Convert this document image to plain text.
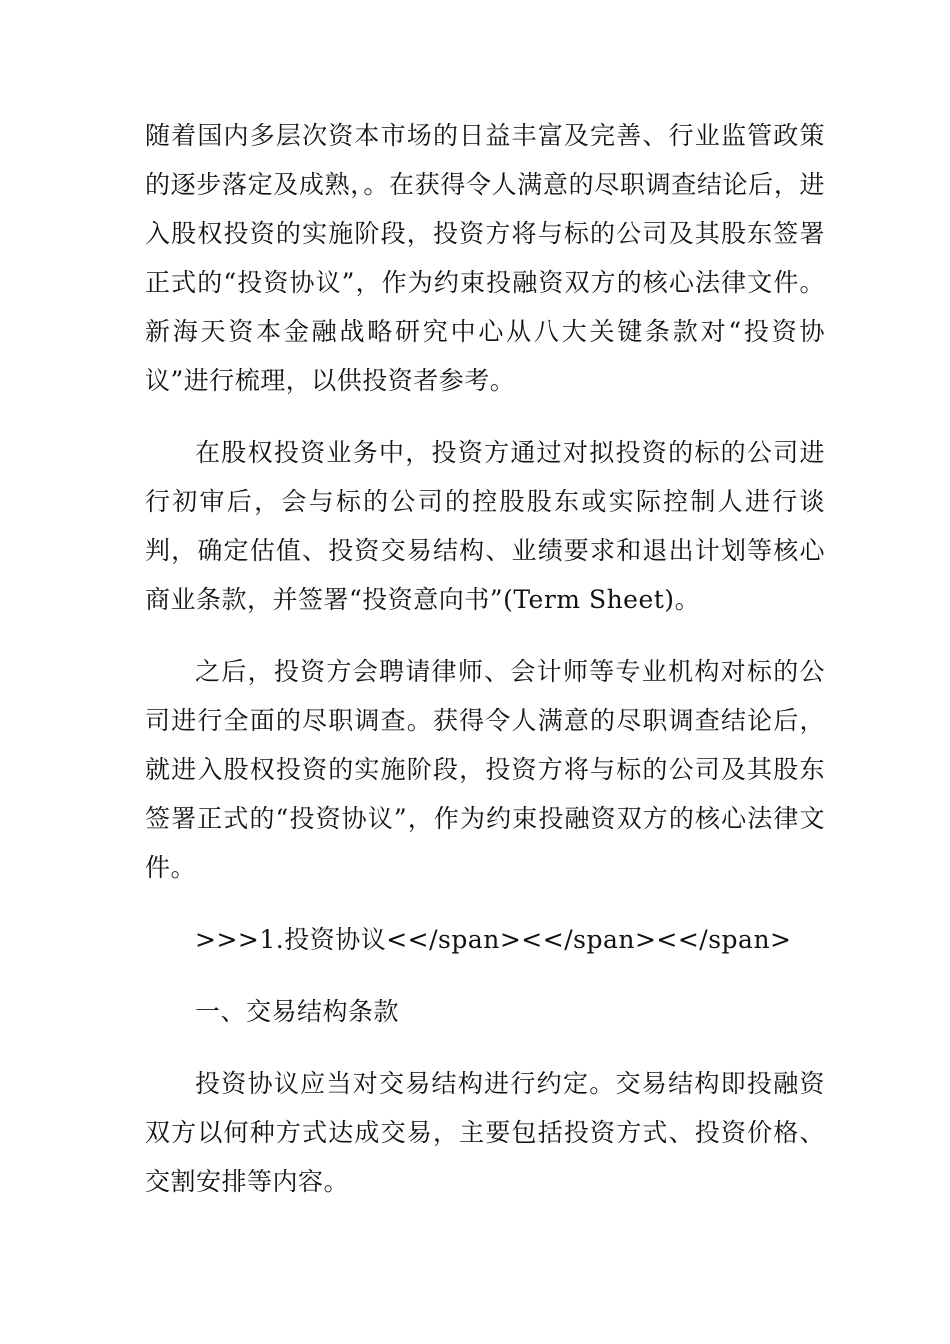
随着国内多层次资本市场的日益丰富及完善、行业监管政策的逐步落定及成熟，。在获得令人满意的尽职调查结论后，进入股权投资的实施阶段，投资方将与标的公司及其股东签署正式的“投资协议”，作为约束投融资双方的核心法律文件。新海天资本金融战略研究中心从八大关键条款对“投资协议”进行梳理，以供投资者参考。

在股权投资业务中，投资方通过对拟投资的标的公司进行初审后，会与标的公司的控股股东或实际控制人进行谈判，确定估值、投资交易结构、业绩要求和退出计划等核心商业条款，并签署“投资意向书”(Term Sheet)。

之后，投资方会聘请律师、会计师等专业机构对标的公司进行全面的尽职调查。获得令人满意的尽职调查结论后，就进入股权投资的实施阶段，投资方将与标的公司及其股东签署正式的“投资协议”，作为约束投融资双方的核心法律文件。

>>>1.投资协议<</span><</span><</span>

一、交易结构条款

投资协议应当对交易结构进行约定。交易结构即投融资双方以何种方式达成交易，主要包括投资方式、投资价格、交割安排等内容。
